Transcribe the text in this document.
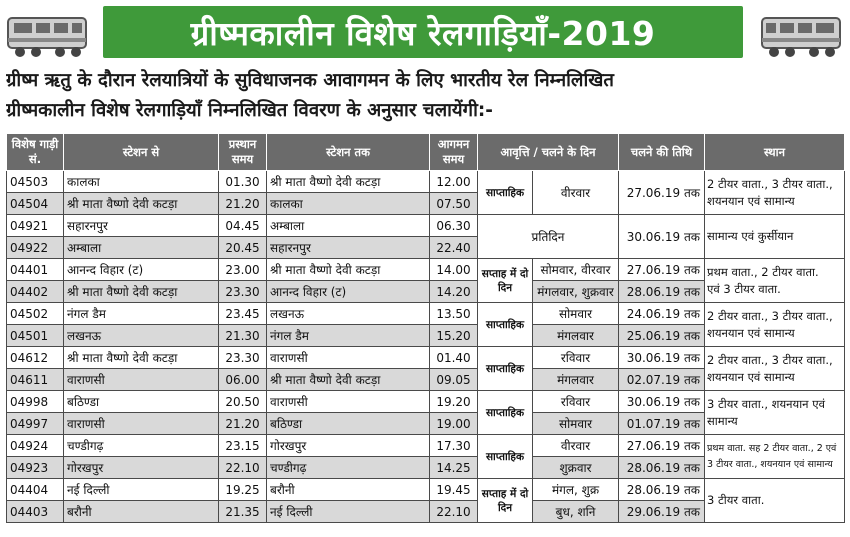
ग्रीष्मकालीन विशेष रेलगाड़ियाँ-2019
ग्रीष्म ऋतु के दौरान रेलयात्रियों के सुविधाजनक आवागमन के लिए भारतीय रेल निम्नलिखित
ग्रीष्मकालीन विशेष रेलगाड़ियाँ निम्नलिखित विवरण के अनुसार चलायेंगी:-
विशेष गाड़ी सं.	स्टेशन से	प्रस्थान समय	स्टेशन तक	आगमन समय	आवृत्ति / चलने के दिन		चलने की तिथि	स्थान
04503	कालका	01.30	श्री माता वैष्णो देवी कटड़ा	12.00	साप्ताहिक	वीरवार	27.06.19 तक	2 टीयर वाता., 3 टीयर वाता.,
शयनयान एवं सामान्य

04504	श्री माता वैष्णो देवी कटड़ा	21.20	कालका	07.50				
04921	सहारनपुर	04.45	अम्बाला	06.30	प्रतिदिन		30.06.19 तक	सामान्य एवं कुर्सीयान

04922	अम्बाला	20.45	सहारनपुर	22.40				
04401	आनन्द विहार (ट)	23.00	श्री माता वैष्णो देवी कटड़ा	14.00	सप्ताह में दो दिन	सोमवार, वीरवार	27.06.19 तक	प्रथम वाता., 2 टीयर वाता.
एवं 3 टीयर वाता.

04402	श्री माता वैष्णो देवी कटड़ा	23.30	आनन्द विहार (ट)	14.20		मंगलवार, शुक्रवार	28.06.19 तक	
04502	नंगल डैम	23.45	लखनऊ	13.50	साप्ताहिक	सोमवार	24.06.19 तक	2 टीयर वाता., 3 टीयर वाता.,
शयनयान एवं सामान्य

04501	लखनऊ	21.30	नंगल डैम	15.20		मंगलवार	25.06.19 तक	
04612	श्री माता वैष्णो देवी कटड़ा	23.30	वाराणसी	01.40	साप्ताहिक	रविवार	30.06.19 तक	2 टीयर वाता., 3 टीयर वाता.,
शयनयान एवं सामान्य

04611	वाराणसी	06.00	श्री माता वैष्णो देवी कटड़ा	09.05		मंगलवार	02.07.19 तक	
04998	बठिण्डा	20.50	वाराणसी	19.20	साप्ताहिक	रविवार	30.06.19 तक	3 टीयर वाता., शयनयान एवं
सामान्य

04997	वाराणसी	21.20	बठिण्डा	19.00		सोमवार	01.07.19 तक	
04924	चण्डीगढ़	23.15	गोरखपुर	17.30	साप्ताहिक	वीरवार	27.06.19 तक	प्रथम वाता. सह 2 टीयर वाता., 2 एवं
3 टीयर वाता., शयनयान एवं सामान्य

04923	गोरखपुर	22.10	चण्डीगढ़	14.25		शुक्रवार	28.06.19 तक	
04404	नई दिल्ली	19.25	बरौनी	19.45	सप्ताह में दो दिन	मंगल, शुक्र	28.06.19 तक	3 टीयर वाता.

04403	बरौनी	21.35	नई दिल्ली	22.10		बुध, शनि	29.06.19 तक	
